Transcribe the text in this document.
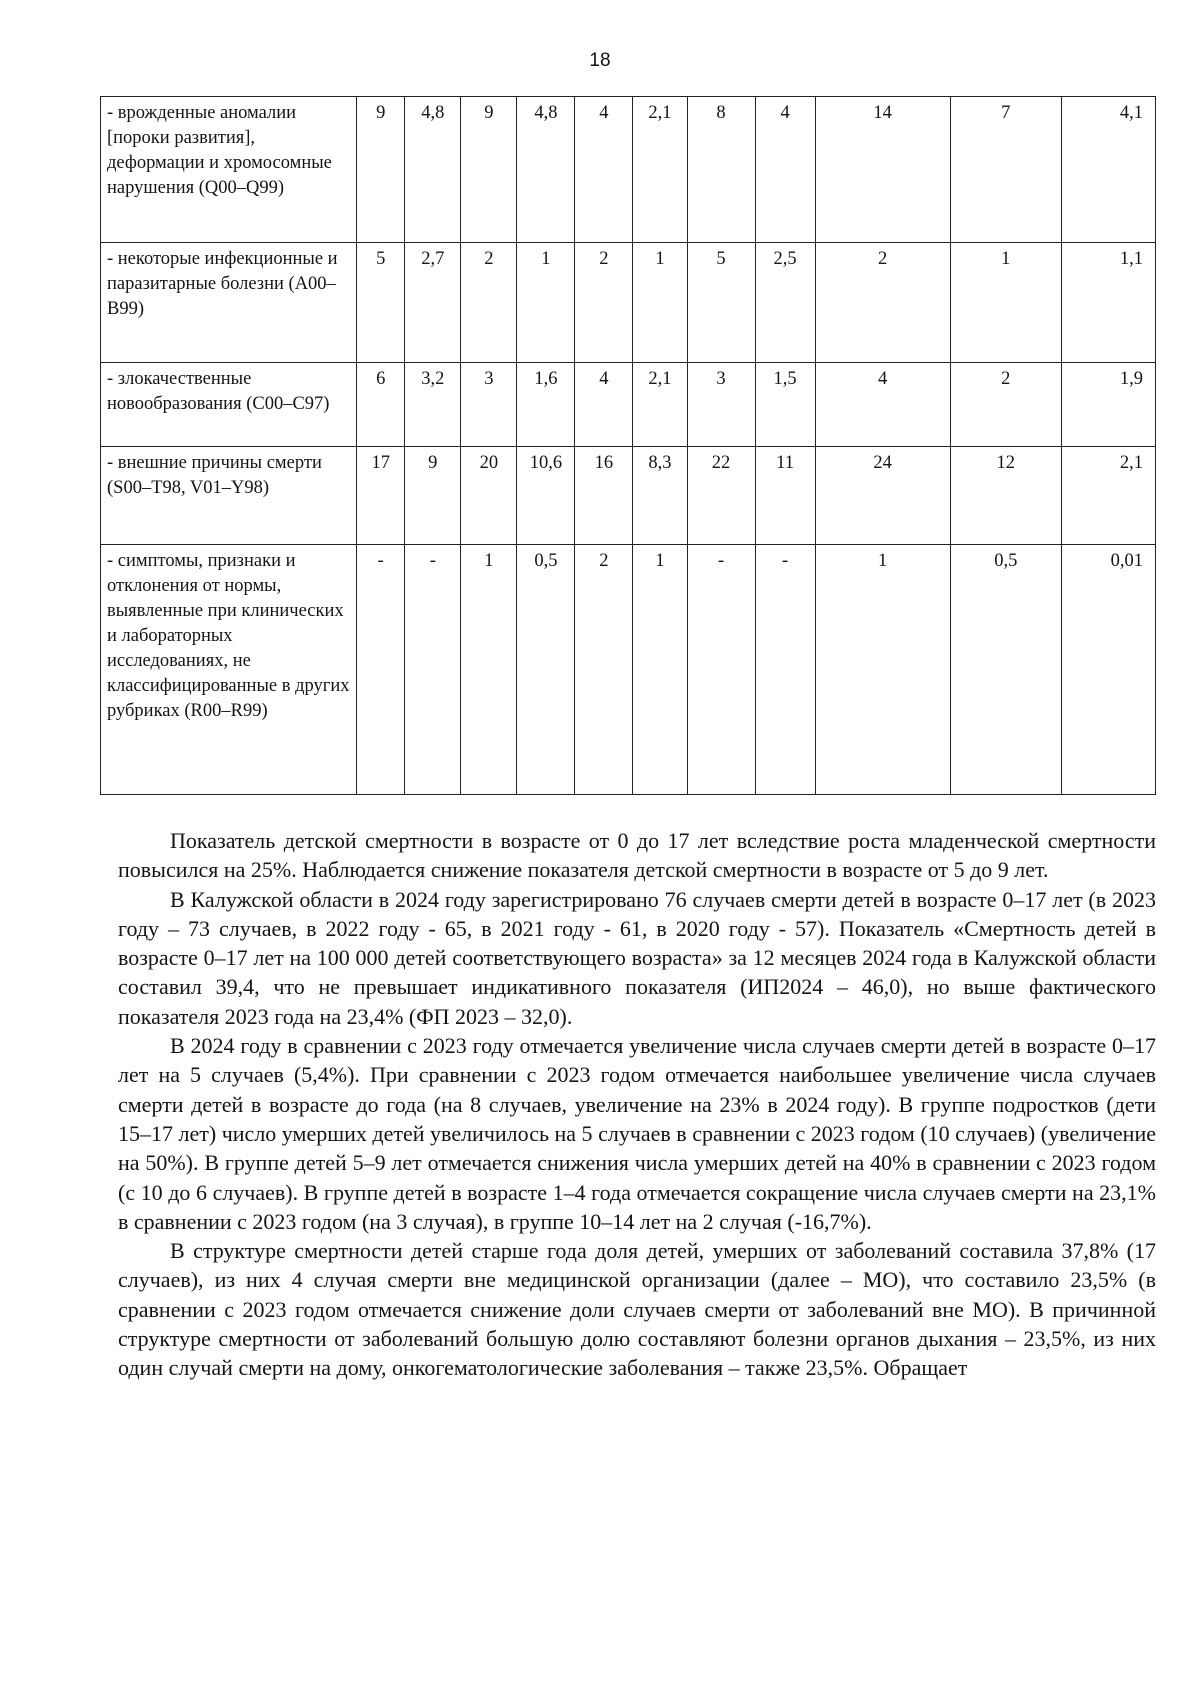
18
- врожденные аномалии [пороки развития], деформации и хромосомные нарушения (Q00–Q99)	9	4,8	9	4,8	4	2,1	8	4	14	7	4,1
- некоторые инфекционные и паразитарные болезни (A00–B99)	5	2,7	2	1	2	1	5	2,5	2	1	1,1
- злокачественные новообразования (C00–C97)	6	3,2	3	1,6	4	2,1	3	1,5	4	2	1,9
- внешние причины смерти (S00–T98, V01–Y98)	17	9	20	10,6	16	8,3	22	11	24	12	2,1
- симптомы, признаки и отклонения от нормы, выявленные при клинических и лабораторных исследованиях, не классифицированные в других рубриках (R00–R99)	-	-	1	0,5	2	1	-	-	1	0,5	0,01

Показатель детской смертности в возрасте от 0 до 17 лет вследствие роста младенческой смертности повысился на 25%. Наблюдается снижение показателя детской смертности в возрасте от 5 до 9 лет.

В Калужской области в 2024 году зарегистрировано 76 случаев смерти детей в возрасте 0–17 лет (в 2023 году – 73 случаев, в 2022 году - 65, в 2021 году - 61, в 2020 году - 57). Показатель «Смертность детей в возрасте 0–17 лет на 100 000 детей соответствующего возраста» за 12 месяцев 2024 года в Калужской области составил 39,4, что не превышает индикативного показателя (ИП2024 – 46,0), но выше фактического показателя 2023 года на 23,4% (ФП 2023 – 32,0).

В 2024 году в сравнении с 2023 году отмечается увеличение числа случаев смерти детей в возрасте 0–17 лет на 5 случаев (5,4%). При сравнении с 2023 годом отмечается наибольшее увеличение числа случаев смерти детей в возрасте до года (на 8 случаев, увеличение на 23% в 2024 году). В группе подростков (дети 15–17 лет) число умерших детей увеличилось на 5 случаев в сравнении с 2023 годом (10 случаев) (увеличение на 50%). В группе детей 5–9 лет отмечается снижения числа умерших детей на 40% в сравнении с 2023 годом (с 10 до 6 случаев). В группе детей в возрасте 1–4 года отмечается сокращение числа случаев смерти на 23,1% в сравнении с 2023 годом (на 3 случая), в группе 10–14 лет на 2 случая (-16,7%).

В структуре смертности детей старше года доля детей, умерших от заболеваний составила 37,8% (17 случаев), из них 4 случая смерти вне медицинской организации (далее – МО), что составило 23,5% (в сравнении с 2023 годом отмечается снижение доли случаев смерти от заболеваний вне МО). В причинной структуре смертности от заболеваний большую долю составляют болезни органов дыхания – 23,5%, из них один случай смерти на дому, онкогематологические заболевания – также 23,5%. Обращает
